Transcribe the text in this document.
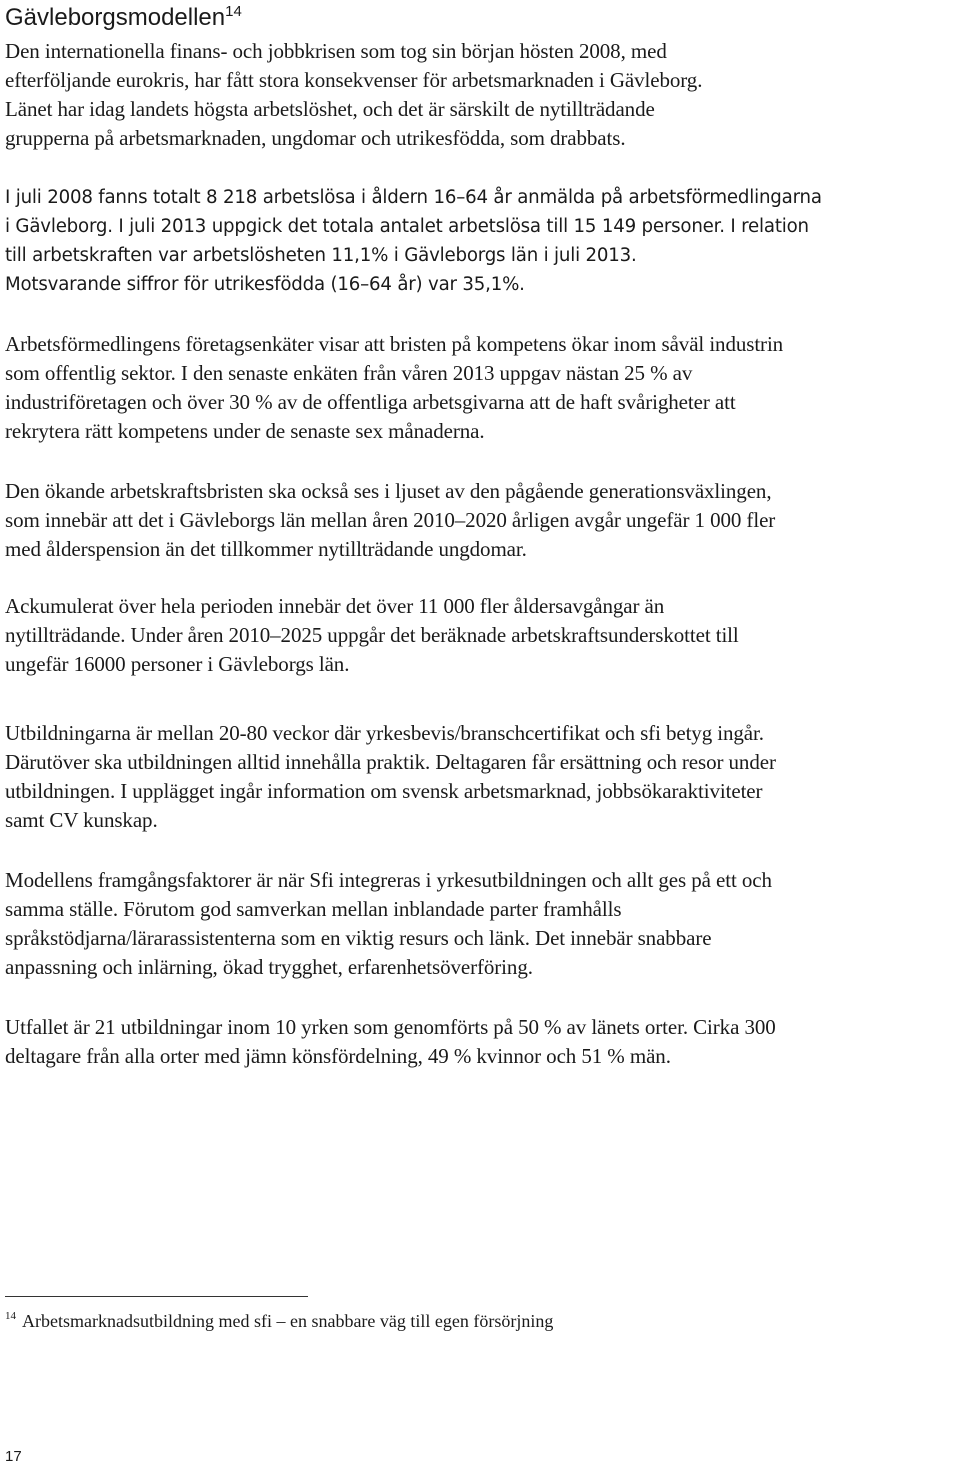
Gävleborgsmodellen$^{14}$

Den internationella finans- och jobbkrisen som tog sin början hösten 2008, med
efterföljande eurokris, har fått stora konsekvenser för arbetsmarknaden i Gävleborg.
Länet har idag landets högsta arbetslöshet, och det är särskilt de nytillträdande
grupperna på arbetsmarknaden, ungdomar och utrikesfödda, som drabbats.

I juli 2008 fanns totalt 8 218 arbetslösa i åldern 16–64 år anmälda på arbetsförmedlingarna
i Gävleborg. I juli 2013 uppgick det totala antalet arbetslösa till 15 149 personer. I relation
till arbetskraften var arbetslösheten 11,1% i Gävleborgs län i juli 2013.
Motsvarande siffror för utrikesfödda (16–64 år) var 35,1%.

Arbetsförmedlingens företagsenkäter visar att bristen på kompetens ökar inom såväl industrin
som offentlig sektor. I den senaste enkäten från våren 2013 uppgav nästan 25 % av
industriföretagen och över 30 % av de offentliga arbetsgivarna att de haft svårigheter att
rekrytera rätt kompetens under de senaste sex månaderna.

Den ökande arbetskraftsbristen ska också ses i ljuset av den pågående generationsväxlingen,
som innebär att det i Gävleborgs län mellan åren 2010–2020 årligen avgår ungefär 1 000 fler
med ålderspension än det tillkommer nytillträdande ungdomar.

Ackumulerat över hela perioden innebär det över 11 000 fler åldersavgångar än
nytillträdande. Under åren 2010–2025 uppgår det beräknade arbetskraftsunderskottet till
ungefär 16000 personer i Gävleborgs län.

Utbildningarna är mellan 20-80 veckor där yrkesbevis/branschcertifikat och sfi betyg ingår.
Därutöver ska utbildningen alltid innehålla praktik. Deltagaren får ersättning och resor under
utbildningen. I upplägget ingår information om svensk arbetsmarknad, jobbsökaraktiviteter
samt CV kunskap.

Modellens framgångsfaktorer är när Sfi integreras i yrkesutbildningen och allt ges på ett och
samma ställe. Förutom god samverkan mellan inblandade parter framhålls
språkstödjarna/lärarassistenterna som en viktig resurs och länk. Det innebär snabbare
anpassning och inlärning, ökad trygghet, erfarenhetsöverföring.

Utfallet är 21 utbildningar inom 10 yrken som genomförts på 50 % av länets orter. Cirka 300
deltagare från alla orter med jämn könsfördelning, 49 % kvinnor och 51 % män.

$^{14}$ Arbetsmarknadsutbildning med sfi – en snabbare väg till egen försörjning
17
